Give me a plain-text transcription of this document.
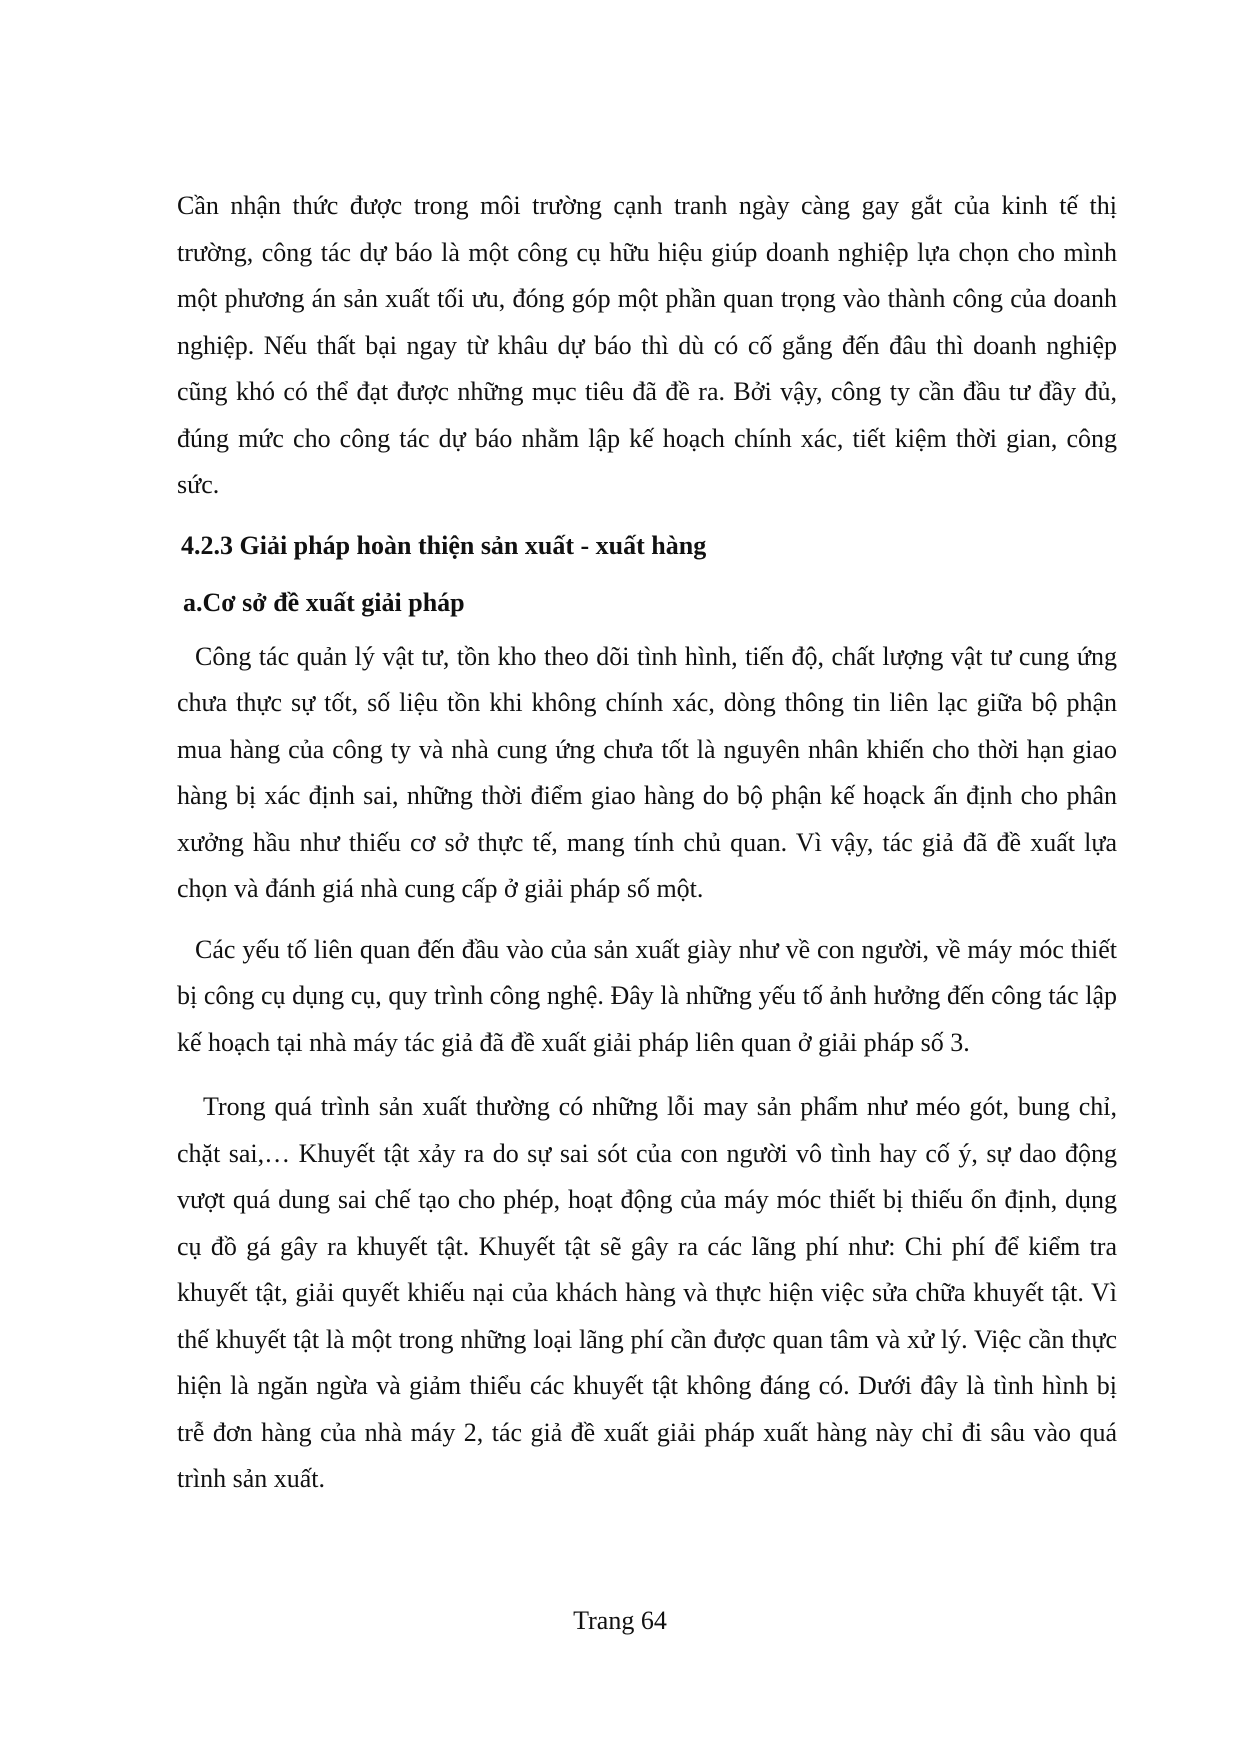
Cần nhận thức được trong môi trường cạnh tranh ngày càng gay gắt của kinh tế thị trường, công tác dự báo là một công cụ hữu hiệu giúp doanh nghiệp lựa chọn cho mình một phương án sản xuất tối ưu, đóng góp một phần quan trọng vào thành công của doanh nghiệp. Nếu thất bại ngay từ khâu dự báo thì dù có cố gắng đến đâu thì doanh nghiệp cũng khó có thể đạt được những mục tiêu đã đề ra. Bởi vậy, công ty cần đầu tư đầy đủ, đúng mức cho công tác dự báo nhằm lập kế hoạch chính xác, tiết kiệm thời gian, công sức.

4.2.3 Giải pháp hoàn thiện sản xuất - xuất hàng
a.Cơ sở đề xuất giải pháp

Công tác quản lý vật tư, tồn kho theo dõi tình hình, tiến độ, chất lượng vật tư cung ứng chưa thực sự tốt, số liệu tồn khi không chính xác, dòng thông tin liên lạc giữa bộ phận mua hàng của công ty và nhà cung ứng chưa tốt là nguyên nhân khiến cho thời hạn giao hàng bị xác định sai, những thời điểm giao hàng do bộ phận kế hoạck ấn định cho phân xưởng hầu như thiếu cơ sở thực tế, mang tính chủ quan. Vì vậy, tác giả đã đề xuất lựa chọn và đánh giá nhà cung cấp ở giải pháp số một.

Các yếu tố liên quan đến đầu vào của sản xuất giày như về con người, về máy móc thiết bị công cụ dụng cụ, quy trình công nghệ. Đây là những yếu tố ảnh hưởng đến công tác lập kế hoạch tại nhà máy tác giả đã đề xuất giải pháp liên quan ở giải pháp số 3.

Trong quá trình sản xuất thường có những lỗi may sản phẩm như méo gót, bung chỉ, chặt sai,… Khuyết tật xảy ra do sự sai sót của con người vô tình hay cố ý, sự dao động vượt quá dung sai chế tạo cho phép, hoạt động của máy móc thiết bị thiếu ổn định, dụng cụ đồ gá gây ra khuyết tật. Khuyết tật sẽ gây ra các lãng phí như: Chi phí để kiểm tra khuyết tật, giải quyết khiếu nại của khách hàng và thực hiện việc sửa chữa khuyết tật. Vì thế khuyết tật là một trong những loại lãng phí cần được quan tâm và xử lý. Việc cần thực hiện là ngăn ngừa và giảm thiểu các khuyết tật không đáng có. Dưới đây là tình hình bị trễ đơn hàng của nhà máy 2, tác giả đề xuất giải pháp xuất hàng này chỉ đi sâu vào quá trình sản xuất.

Trang 64
